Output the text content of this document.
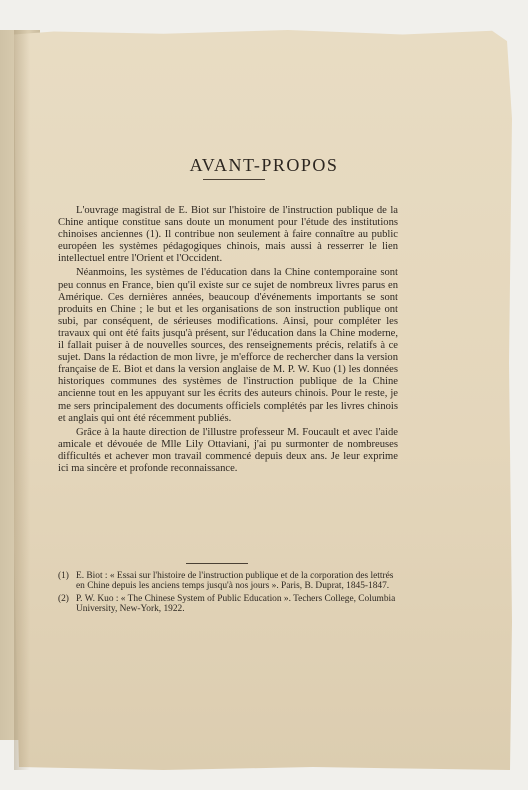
AVANT-PROPOS

L'ouvrage magistral de E. Biot sur l'histoire de l'instruction publique de la Chine antique constitue sans doute un monument pour l'étude des institutions chinoises anciennes (1). Il contribue non seulement à faire connaître au public européen les systèmes pédagogiques chinois, mais aussi à resserrer le lien intellectuel entre l'Orient et l'Occident.

Néanmoins, les systèmes de l'éducation dans la Chine contemporaine sont peu connus en France, bien qu'il existe sur ce sujet de nombreux livres parus en Amérique. Ces dernières années, beaucoup d'événements importants se sont produits en Chine ; le but et les organisations de son instruction publique ont subi, par conséquent, de sérieuses modifications. Ainsi, pour compléter les travaux qui ont été faits jusqu'à présent, sur l'éducation dans la Chine moderne, il fallait puiser à de nouvelles sources, des renseignements précis, relatifs à ce sujet. Dans la rédaction de mon livre, je m'efforce de rechercher dans la version française de E. Biot et dans la version anglaise de M. P. W. Kuo (1) les données historiques communes des systèmes de l'instruction publique de la Chine ancienne tout en les appuyant sur les écrits des auteurs chinois. Pour le reste, je me sers principalement des documents officiels complétés par les livres chinois et anglais qui ont été récemment publiés.

Grâce à la haute direction de l'illustre professeur M. Foucault et avec l'aide amicale et dévouée de Mlle Lily Ottaviani, j'ai pu surmonter de nombreuses difficultés et achever mon travail commencé depuis deux ans. Je leur exprime ici ma sincère et profonde reconnaissance.

(1) E. Biot : « Essai sur l'histoire de l'instruction publique et de la corporation des lettrés en Chine depuis les anciens temps jusqu'à nos jours ». Paris, B. Duprat, 1845-1847.
(2) P. W. Kuo : « The Chinese System of Public Education ». Techers College, Columbia University, New-York, 1922.
